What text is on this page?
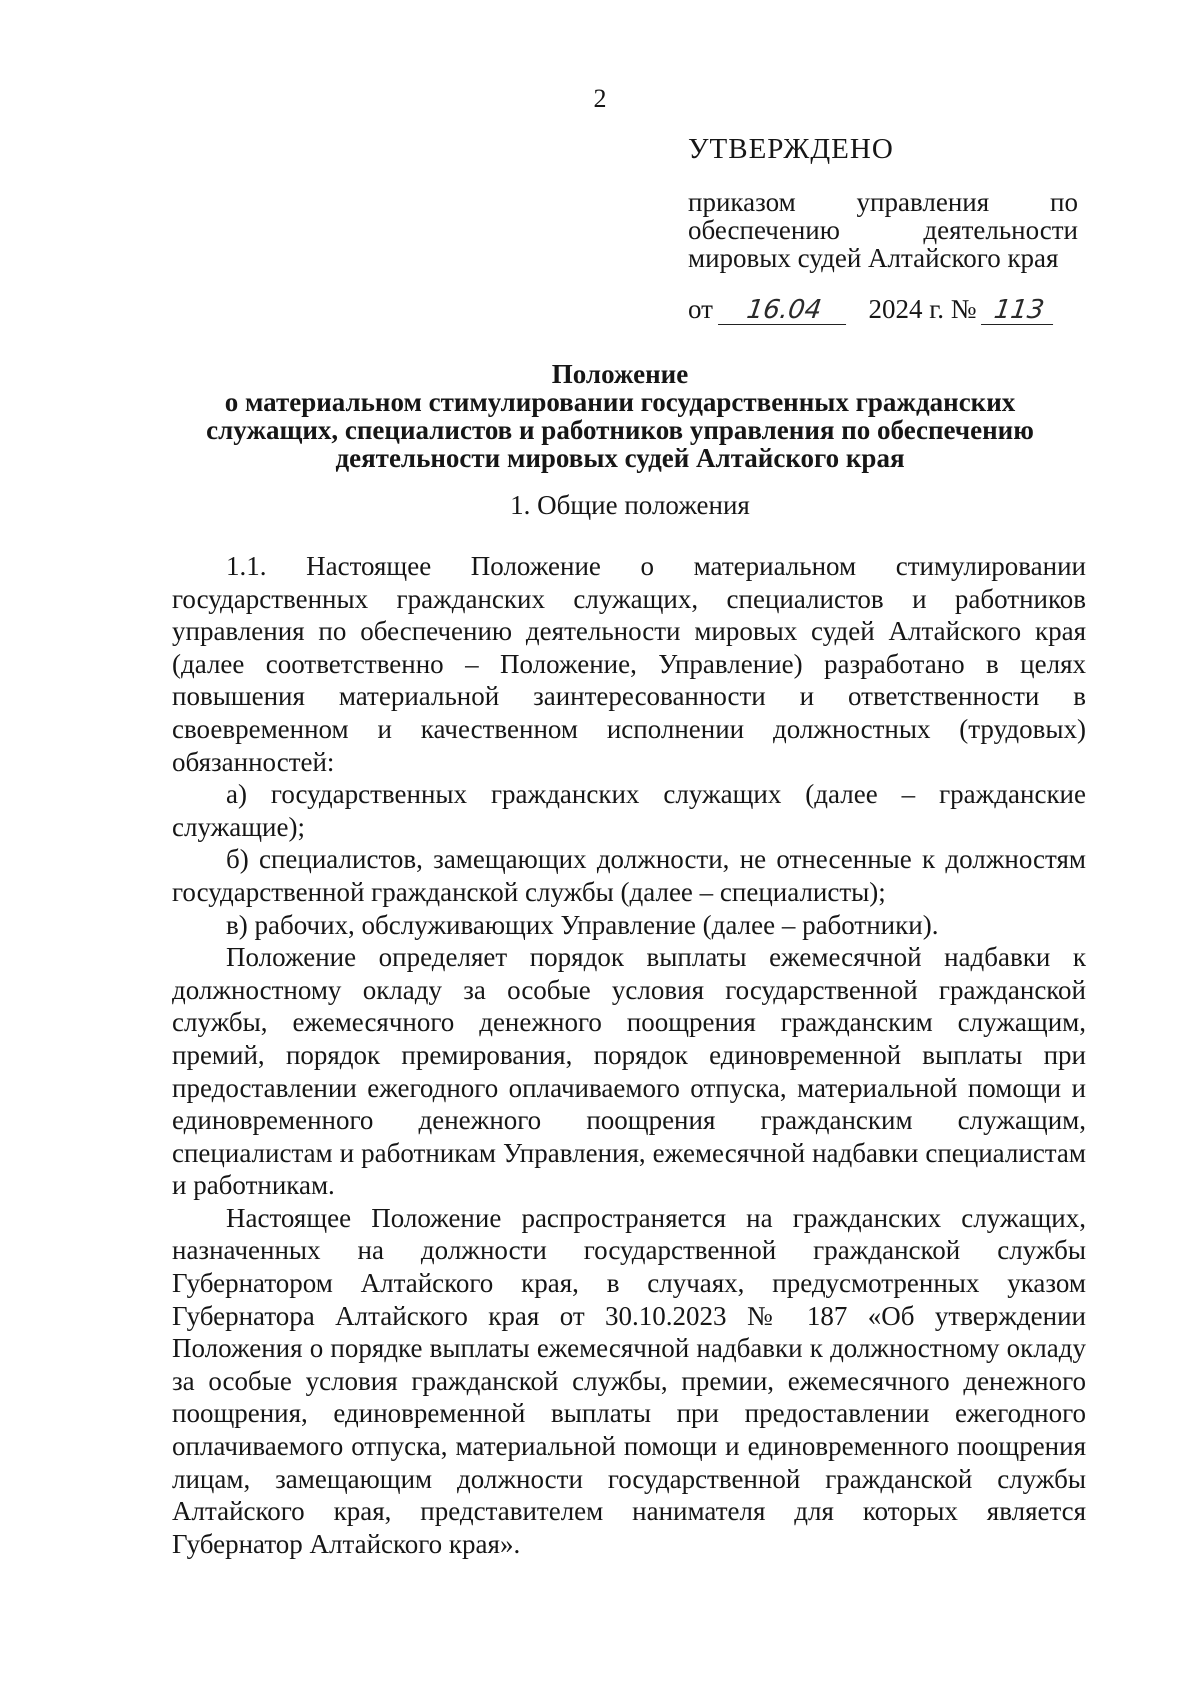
2
УТВЕРЖДЕНО
приказом управления по
обеспечению деятельности
мировых судей Алтайского края
от 16.04 2024 г. № 113
Положение
о материальном стимулировании государственных гражданских
служащих, специалистов и работников управления по обеспечению
деятельности мировых судей Алтайского края
1. Общие положения

1.1. Настоящее Положение о материальном стимулировании государственных гражданских служащих, специалистов и работников управления по обеспечению деятельности мировых судей Алтайского края (далее соответственно – Положение, Управление) разработано в целях повышения материальной заинтересованности и ответственности в своевременном и качественном исполнении должностных (трудовых) обязанностей:

а) государственных гражданских служащих (далее – гражданские служащие);

б) специалистов, замещающих должности, не отнесенные к должностям государственной гражданской службы (далее – специалисты);

в) рабочих, обслуживающих Управление (далее – работники).

Положение определяет порядок выплаты ежемесячной надбавки к должностному окладу за особые условия государственной гражданской службы, ежемесячного денежного поощрения гражданским служащим, премий, порядок премирования, порядок единовременной выплаты при предоставлении ежегодного оплачиваемого отпуска, материальной помощи и единовременного денежного поощрения гражданским служащим, специалистам и работникам Управления, ежемесячной надбавки специалистам и работникам.

Настоящее Положение распространяется на гражданских служащих, назначенных на должности государственной гражданской службы Губернатором Алтайского края, в случаях, предусмотренных указом Губернатора Алтайского края от 30.10.2023 № 187 «Об утверждении Положения о порядке выплаты ежемесячной надбавки к должностному окладу за особые условия гражданской службы, премии, ежемесячного денежного поощрения, единовременной выплаты при предоставлении ежегодного оплачиваемого отпуска, материальной помощи и единовременного поощрения лицам, замещающим должности государственной гражданской службы Алтайского края, представителем нанимателя для которых является Губернатор Алтайского края».
